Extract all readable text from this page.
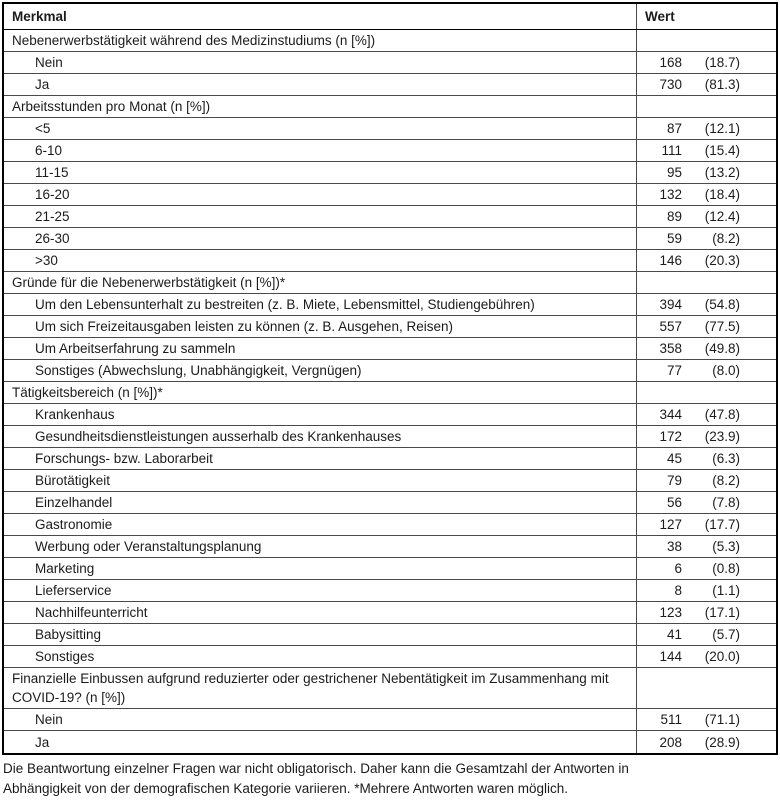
Merkmal	Wert
Nebenerwerbstätigkeit während des Medizinstudiums (n [%])
Nein	168	(18.7)
Ja	730	(81.3)
Arbeitsstunden pro Monat (n [%])
<5	87	(12.1)
6-10	111	(15.4)
11-15	95	(13.2)
16-20	132	(18.4)
21-25	89	(12.4)
26-30	59	(8.2)
>30	146	(20.3)
Gründe für die Nebenerwerbstätigkeit (n [%])*
Um den Lebensunterhalt zu bestreiten (z. B. Miete, Lebensmittel, Studiengebühren)	394	(54.8)
Um sich Freizeitausgaben leisten zu können (z. B. Ausgehen, Reisen)	557	(77.5)
Um Arbeitserfahrung zu sammeln	358	(49.8)
Sonstiges (Abwechslung, Unabhängigkeit, Vergnügen)	77	(8.0)
Tätigkeitsbereich (n [%])*
Krankenhaus	344	(47.8)
Gesundheitsdienstleistungen ausserhalb des Krankenhauses	172	(23.9)
Forschungs- bzw. Laborarbeit	45	(6.3)
Bürotätigkeit	79	(8.2)
Einzelhandel	56	(7.8)
Gastronomie	127	(17.7)
Werbung oder Veranstaltungsplanung	38	(5.3)
Marketing	6	(0.8)
Lieferservice	8	(1.1)
Nachhilfeunterricht	123	(17.1)
Babysitting	41	(5.7)
Sonstiges	144	(20.0)
Finanzielle Einbussen aufgrund reduzierter oder gestrichener Nebentätigkeit im Zusammenhang mit COVID-19? (n [%])
Nein	511	(71.1)
Ja	208	(28.9)
Die Beantwortung einzelner Fragen war nicht obligatorisch. Daher kann die Gesamtzahl der Antworten in
Abhängigkeit von der demografischen Kategorie variieren. *Mehrere Antworten waren möglich.
